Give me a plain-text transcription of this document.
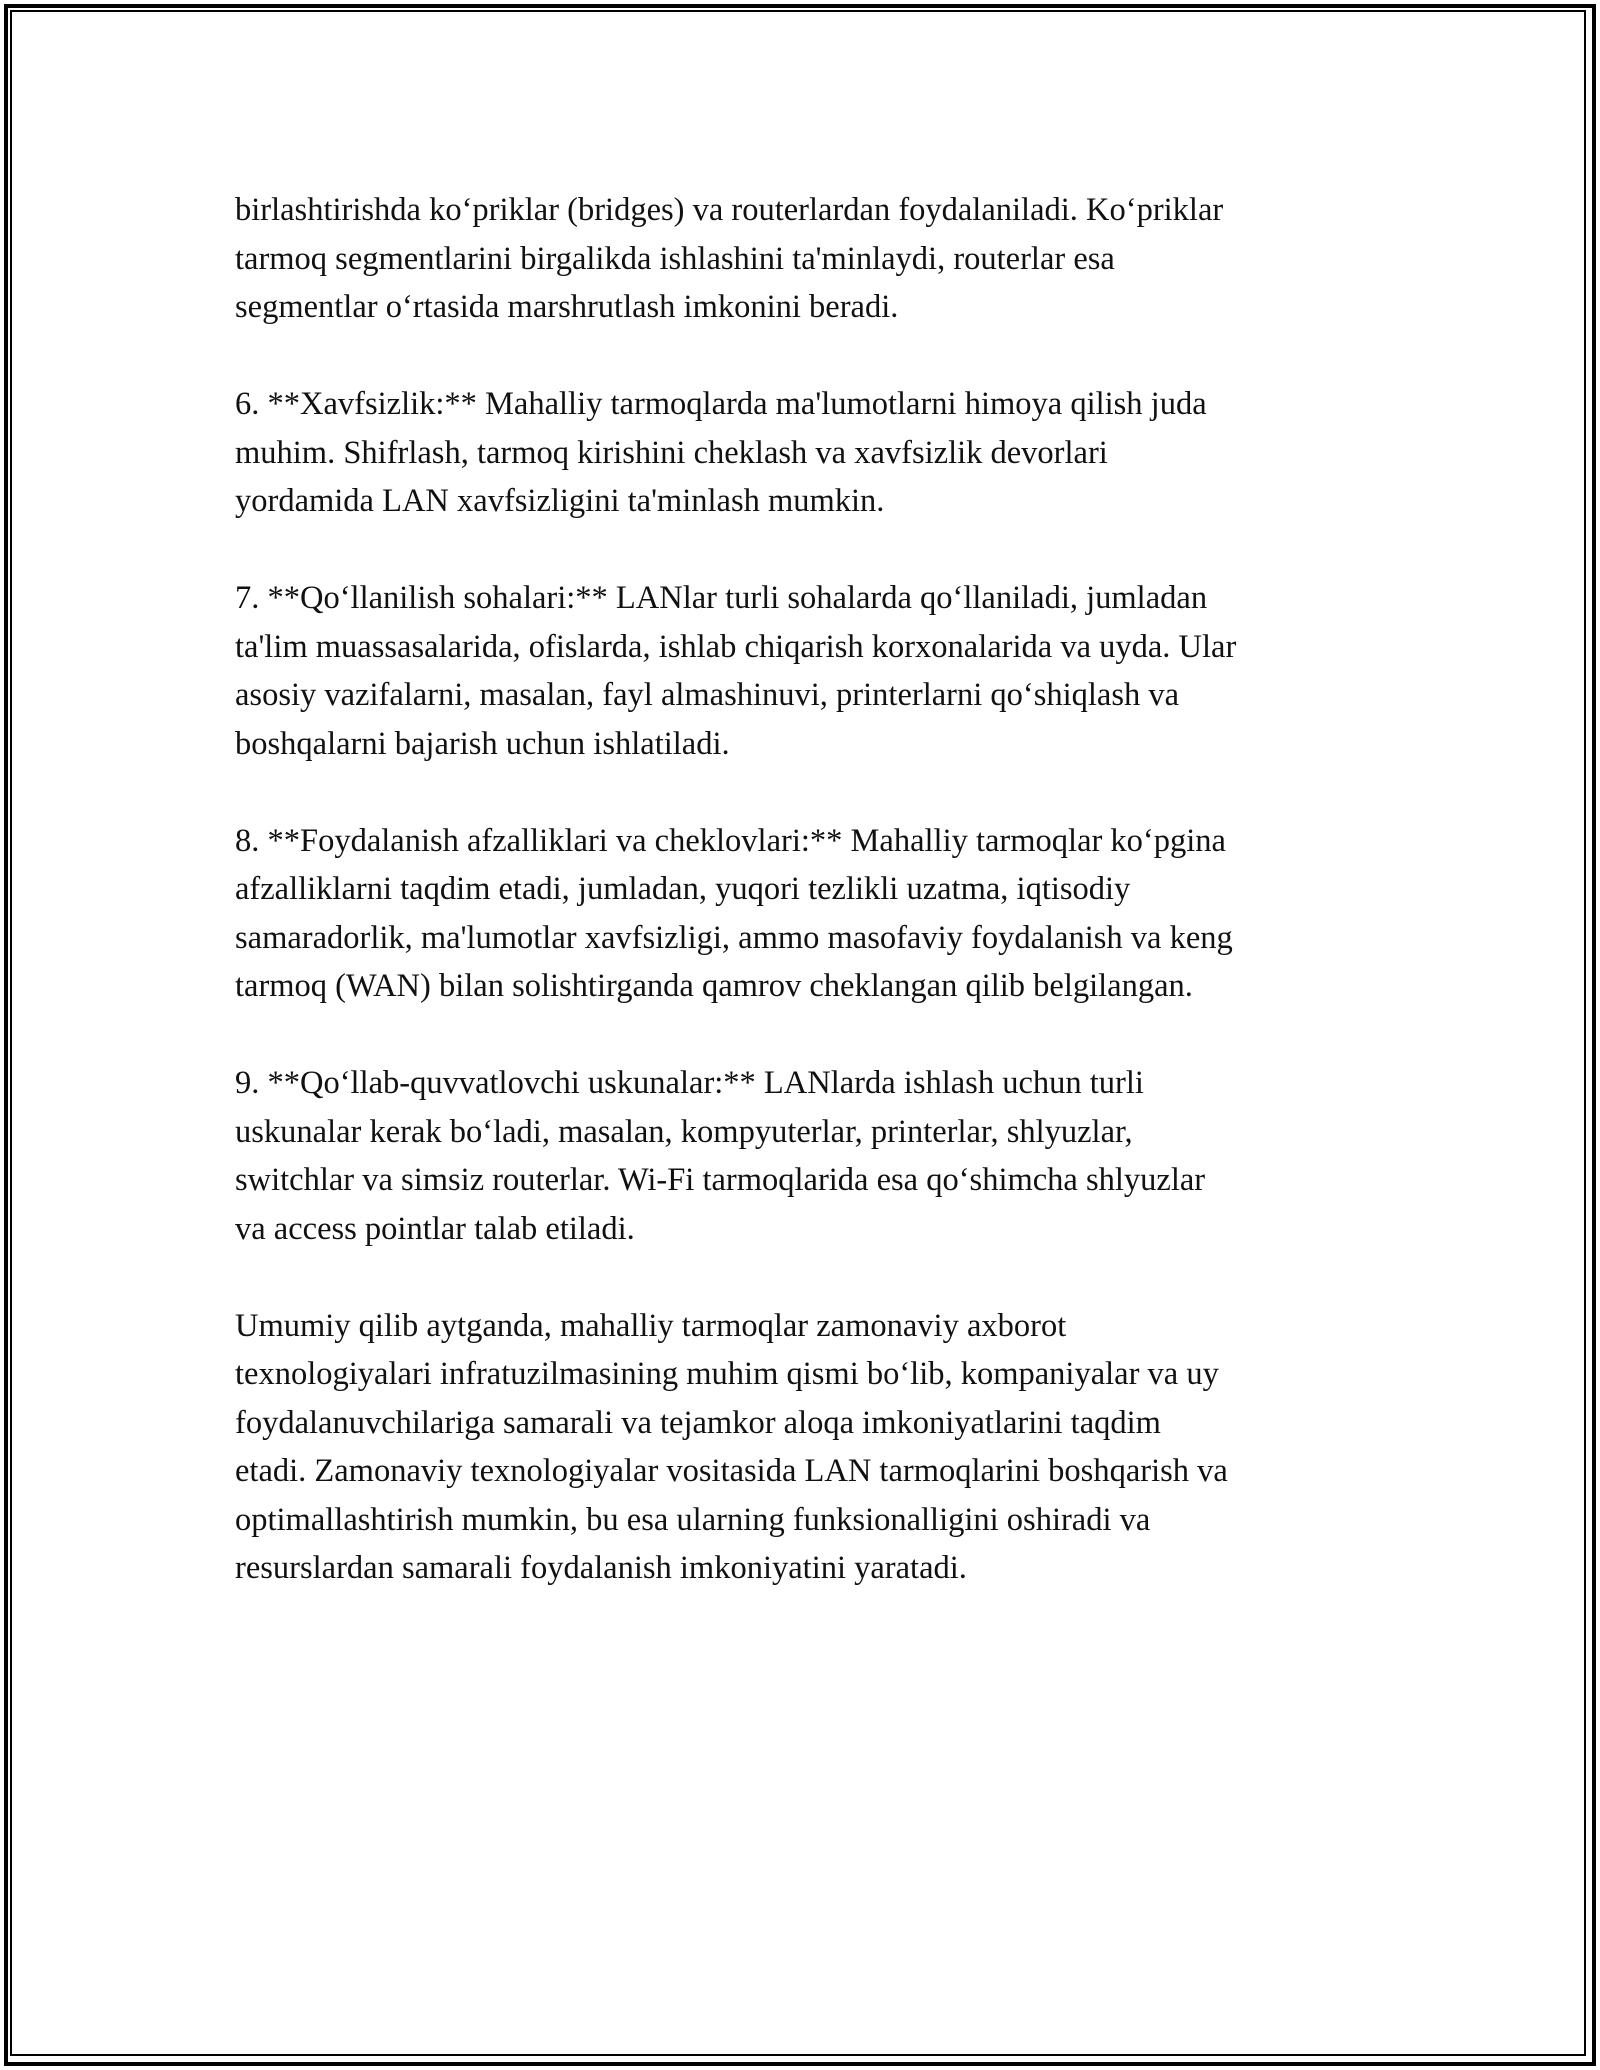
birlashtirishda ko‘priklar (bridges) va routerlardan foydalaniladi. Ko‘priklar
tarmoq segmentlarini birgalikda ishlashini ta'minlaydi, routerlar esa
segmentlar o‘rtasida marshrutlash imkonini beradi.

6. **Xavfsizlik:** Mahalliy tarmoqlarda ma'lumotlarni himoya qilish juda
muhim. Shifrlash, tarmoq kirishini cheklash va xavfsizlik devorlari
yordamida LAN xavfsizligini ta'minlash mumkin.

7. **Qo‘llanilish sohalari:** LANlar turli sohalarda qo‘llaniladi, jumladan
ta'lim muassasalarida, ofislarda, ishlab chiqarish korxonalarida va uyda. Ular
asosiy vazifalarni, masalan, fayl almashinuvi, printerlarni qo‘shiqlash va
boshqalarni bajarish uchun ishlatiladi.

8. **Foydalanish afzalliklari va cheklovlari:** Mahalliy tarmoqlar ko‘pgina
afzalliklarni taqdim etadi, jumladan, yuqori tezlikli uzatma, iqtisodiy
samaradorlik, ma'lumotlar xavfsizligi, ammo masofaviy foydalanish va keng
tarmoq (WAN) bilan solishtirganda qamrov cheklangan qilib belgilangan.

9. **Qo‘llab-quvvatlovchi uskunalar:** LANlarda ishlash uchun turli
uskunalar kerak bo‘ladi, masalan, kompyuterlar, printerlar, shlyuzlar,
switchlar va simsiz routerlar. Wi-Fi tarmoqlarida esa qo‘shimcha shlyuzlar
va access pointlar talab etiladi.

Umumiy qilib aytganda, mahalliy tarmoqlar zamonaviy axborot
texnologiyalari infratuzilmasining muhim qismi bo‘lib, kompaniyalar va uy
foydalanuvchilariga samarali va tejamkor aloqa imkoniyatlarini taqdim
etadi. Zamonaviy texnologiyalar vositasida LAN tarmoqlarini boshqarish va
optimallashtirish mumkin, bu esa ularning funksionalligini oshiradi va
resurslardan samarali foydalanish imkoniyatini yaratadi.
